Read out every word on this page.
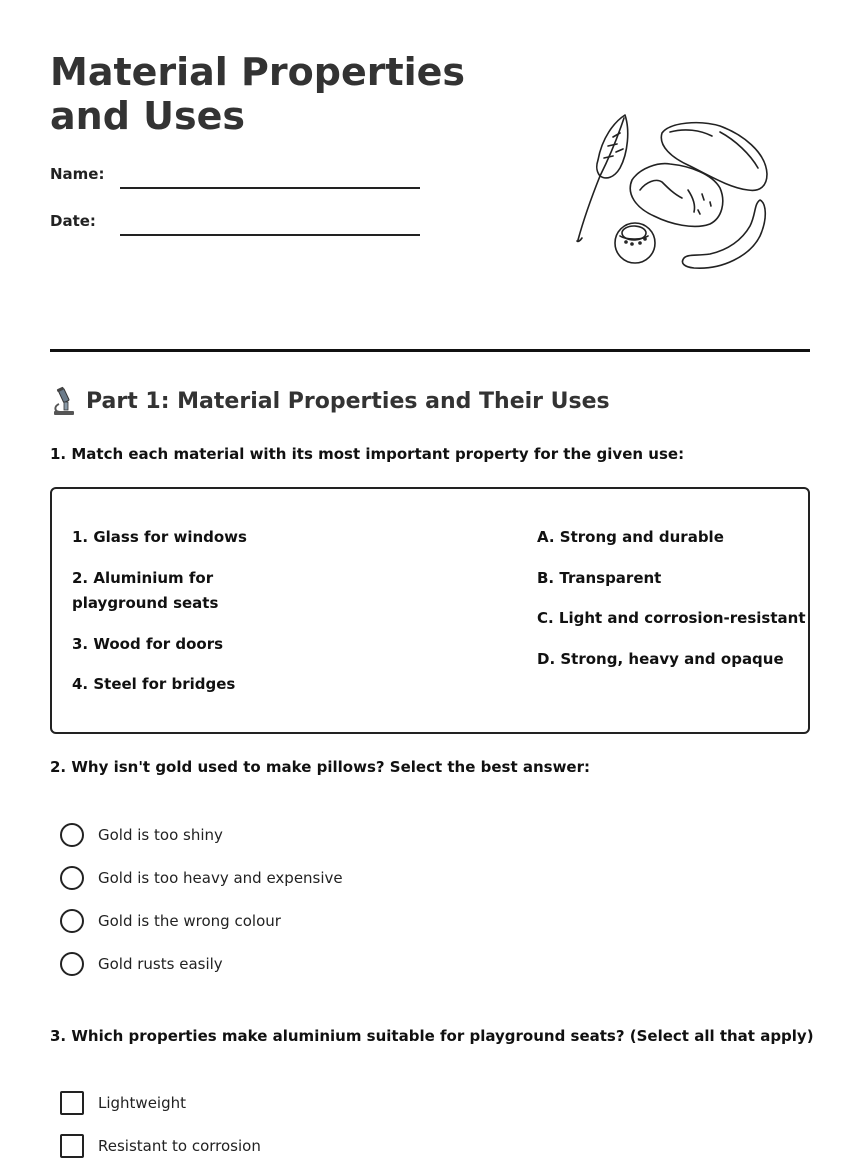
Material Properties and Uses
Name:
Date:
Part 1: Material Properties and Their Uses
1. Match each material with its most important property for the given use:
1. Glass for windows
2. Aluminium for playground seats
3. Wood for doors
4. Steel for bridges
A. Strong and durable
B. Transparent
C. Light and corrosion-resistant
D. Strong, heavy and opaque
2. Why isn't gold used to make pillows? Select the best answer:
Gold is too shiny
Gold is too heavy and expensive
Gold is the wrong colour
Gold rusts easily
3. Which properties make aluminium suitable for playground seats? (Select all that apply)
Lightweight
Resistant to corrosion
